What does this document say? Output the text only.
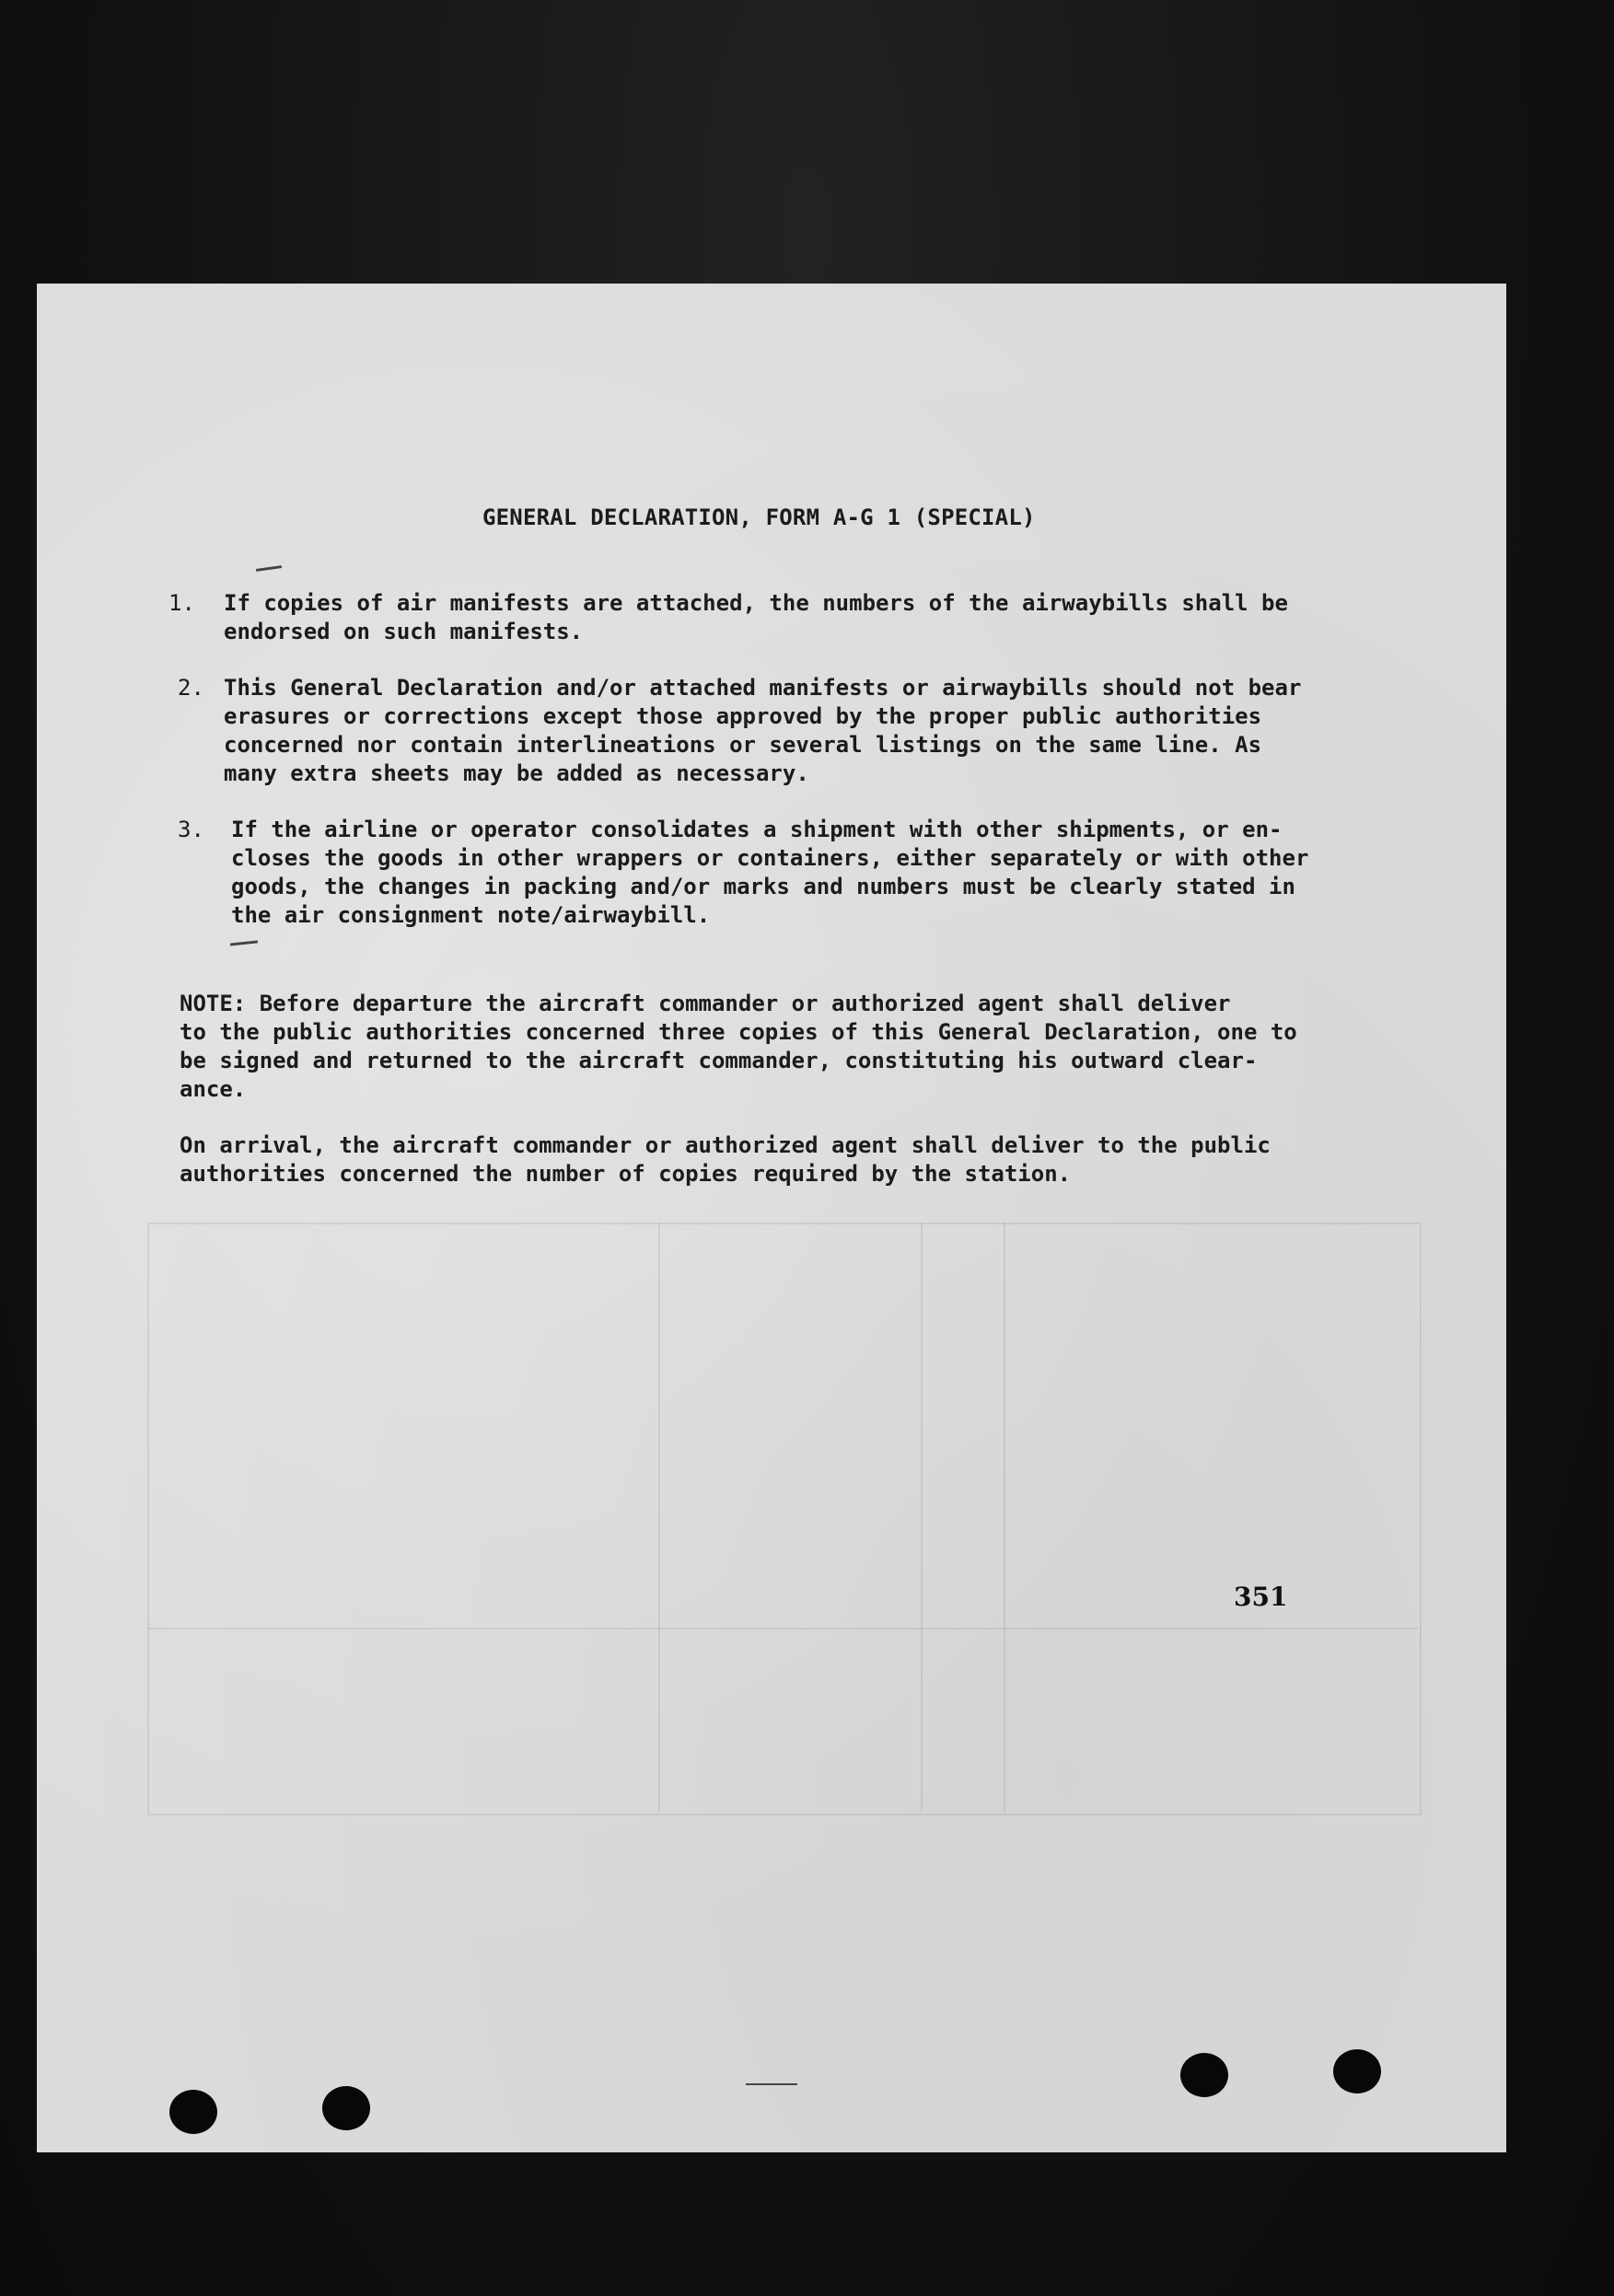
GENERAL DECLARATION, FORM A-G 1 (SPECIAL)
1. If copies of air manifests are attached, the numbers of the airwaybills shall be
endorsed on such manifests.
2. This General Declaration and/or attached manifests or airwaybills should not bear
erasures or corrections except those approved by the proper public authorities
concerned nor contain interlineations or several listings on the same line. As
many extra sheets may be added as necessary.
3. If the airline or operator consolidates a shipment with other shipments, or en-
closes the goods in other wrappers or containers, either separately or with other
goods, the changes in packing and/or marks and numbers must be clearly stated in
the air consignment note/airwaybill.
NOTE: Before departure the aircraft commander or authorized agent shall deliver
to the public authorities concerned three copies of this General Declaration, one to
be signed and returned to the aircraft commander, constituting his outward clear-
ance.
On arrival, the aircraft commander or authorized agent shall deliver to the public
authorities concerned the number of copies required by the station.
351
